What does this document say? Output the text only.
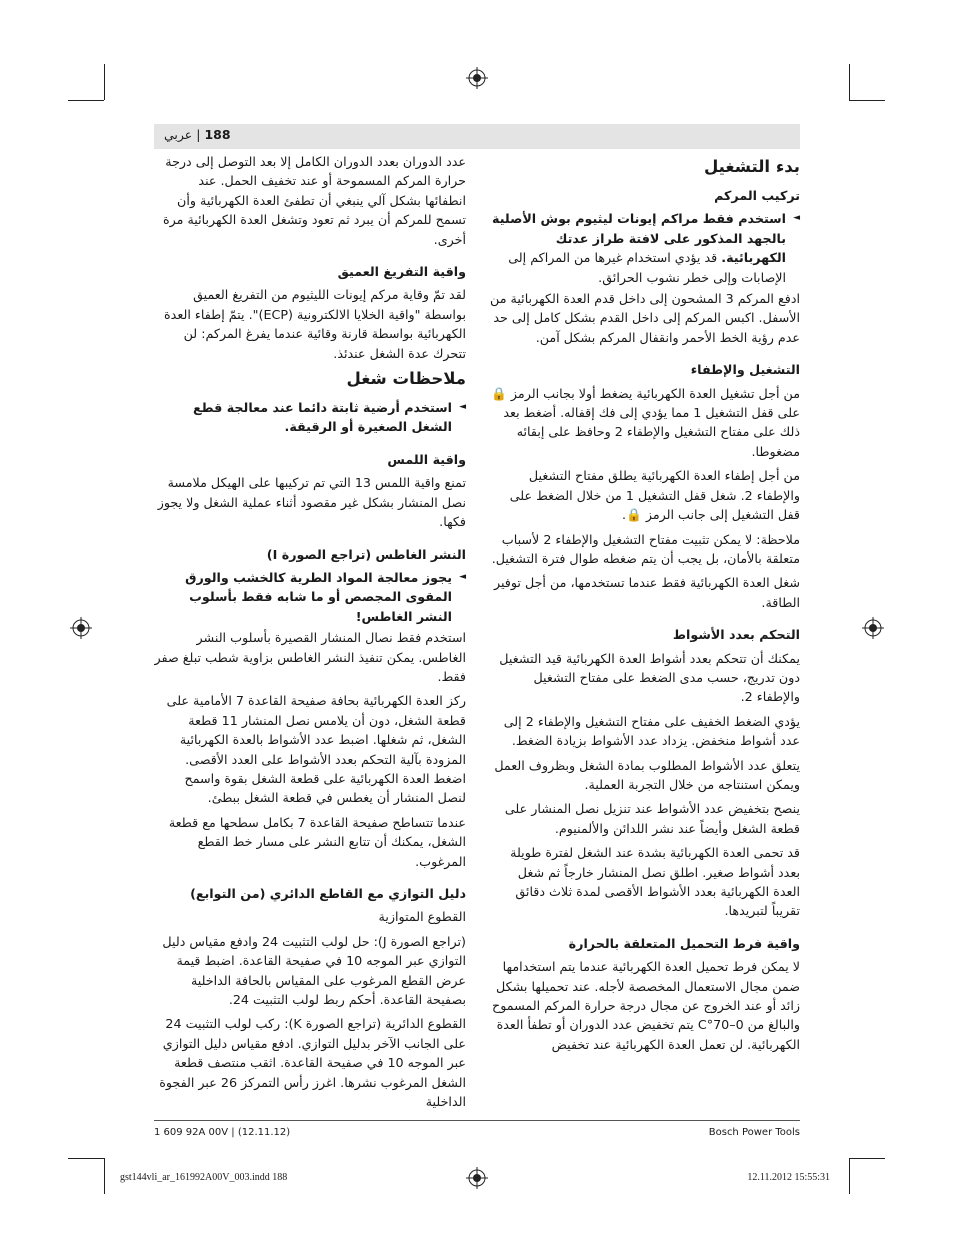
188 | عربي
بدء التشغيل
تركيب المركم
◄ استخدم فقط مراكم إيونات ليثيوم بوش الأصلية بالجهد المذكور على لافتة طراز عدتك الكهربائية. قد يؤدي استخدام غيرها من المراكم إلى الإصابات وإلى خطر نشوب الحرائق.

ادفع المركم 3 المشحون إلى داخل قدم العدة الكهربائية من الأسفل. اكبس المركم إلى داخل القدم بشكل كامل إلى حد عدم رؤية الخط الأحمر وانقفال المركم بشكل آمن.

التشغيل والإطفاء

من أجل تشغيل العدة الكهربائية يضغط أولا بجانب الرمز 🔒 على قفل التشغيل 1 مما يؤدي إلى فك إقفاله. أضغط بعد ذلك على مفتاح التشغيل والإطفاء 2 وحافظ على إبقائه مضغوطا.

من أجل إطفاء العدة الكهربائية يطلق مفتاح التشغيل والإطفاء 2. شغل قفل التشغيل 1 من خلال الضغط على قفل التشغيل إلى جانب الرمز 🔒.

ملاحظة: لا يمكن تثبيت مفتاح التشغيل والإطفاء 2 لأسباب متعلقة بالأمان، بل يجب أن يتم ضغطه طوال فترة التشغيل.

شغل العدة الكهربائية فقط عندما تستخدمها، من أجل توفير الطاقة.

التحكم بعدد الأشواط

يمكنك أن تتحكم بعدد أشواط العدة الكهربائية قيد التشغيل دون تدريج، حسب مدى الضغط على مفتاح التشغيل والإطفاء 2.

يؤدي الضغط الخفيف على مفتاح التشغيل والإطفاء 2 إلى عدد أشواط منخفض. يزداد عدد الأشواط بزيادة الضغط.

يتعلق عدد الأشواط المطلوب بمادة الشغل وبظروف العمل ويمكن استنتاجه من خلال التجربة العملية.

ينصح بتخفيض عدد الأشواط عند تنزيل نصل المنشار على قطعة الشغل وأيضاً عند نشر اللدائن والألمنيوم.

قد تحمى العدة الكهربائية بشدة عند الشغل لفترة طويلة بعدد أشواط صغير. اطلق نصل المنشار خارجاً ثم شغل العدة الكهربائية بعدد الأشواط الأقصى لمدة ثلاث دقائق تقريباً لتبريدها.

واقية فرط التحميل المتعلقة بالحرارة

لا يمكن فرط تحميل العدة الكهربائية عندما يتم استخدامها ضمن مجال الاستعمال المخصصة لأجله. عند تحميلها بشكل زائد أو عند الخروج عن مجال درجة حرارة المركم المسموح والبالغ من 0–70°C يتم تخفيض عدد الدوران أو تطفأ العدة الكهربائية. لن تعمل العدة الكهربائية عند تخفيض

عدد الدوران بعدد الدوران الكامل إلا بعد التوصل إلى درجة حرارة المركم المسموحة أو عند تخفيف الحمل. عند انطفائها بشكل آلي ينبغي أن تطفئ العدة الكهربائية وأن تسمح للمركم أن يبرد ثم تعود وتشغل العدة الكهربائية مرة أخرى.

واقية التفريغ العميق

لقد تمّ وقاية مركم إيونات الليثيوم من التفريغ العميق بواسطة "واقية الخلايا الالكترونية (ECP)". يتمّ إطفاء العدة الكهربائية بواسطة قارنة وقائية عندما يفرغ المركم: لن تتحرك عدة الشغل عندئذ.

ملاحظات شغل
◄ استخدم أرضية ثابتة دائما عند معالجة قطع الشغل الصغيرة أو الرقيقة.
واقية اللمس

تمنع واقية اللمس 13 التي تم تركيبها على الهيكل ملامسة نصل المنشار بشكل غير مقصود أثناء عملية الشغل ولا يجوز فكها.

النشر الغاطس (تراجع الصورة I)
◄ يجوز معالجة المواد الطرية كالخشب والورق المقوى المجصص أو ما شابه فقط بأسلوب النشر الغاطس!

استخدم فقط نصال المنشار القصيرة بأسلوب النشر الغاطس. يمكن تنفيذ النشر الغاطس بزاوية شطب تبلغ صفر فقط.

ركز العدة الكهربائية بحافة صفيحة القاعدة 7 الأمامية على قطعة الشغل، دون أن يلامس نصل المنشار 11 قطعة الشغل، ثم شغلها. اضبط عدد الأشواط بالعدة الكهربائية المزودة بآلية التحكم بعدد الأشواط على العدد الأقصى. اضغط العدة الكهربائية على قطعة الشغل بقوة واسمح لنصل المنشار أن يغطس في قطعة الشغل ببطئ.

عندما تتساطح صفيحة القاعدة 7 بكامل سطحها مع قطعة الشغل، يمكنك أن تتابع النشر على مسار خط القطع المرغوب.

دليل التوازي مع القاطع الدائري (من التوابع)

القطوع المتوازية

(تراجع الصورة J): حل لولب التثبيت 24 وادفع مقياس دليل التوازي عبر الموجه 10 في صفيحة القاعدة. اضبط قيمة عرض القطع المرغوب على المقياس بالحافة الداخلية بصفيحة القاعدة. أحكم ربط لولب التثبيت 24.

القطوع الدائرية (تراجع الصورة K): ركب لولب التثبيت 24 على الجانب الآخر بدليل التوازي. ادفع مقياس دليل التوازي عبر الموجه 10 في صفيحة القاعدة. اثقب منتصف قطعة الشغل المرغوب نشرها. اغرز رأس التمركز 26 عبر الفجوة الداخلية

1 609 92A 00V | (12.11.12)	Bosch Power Tools
gst144vli_ar_161992A00V_003.indd 188	12.11.2012 15:55:31
